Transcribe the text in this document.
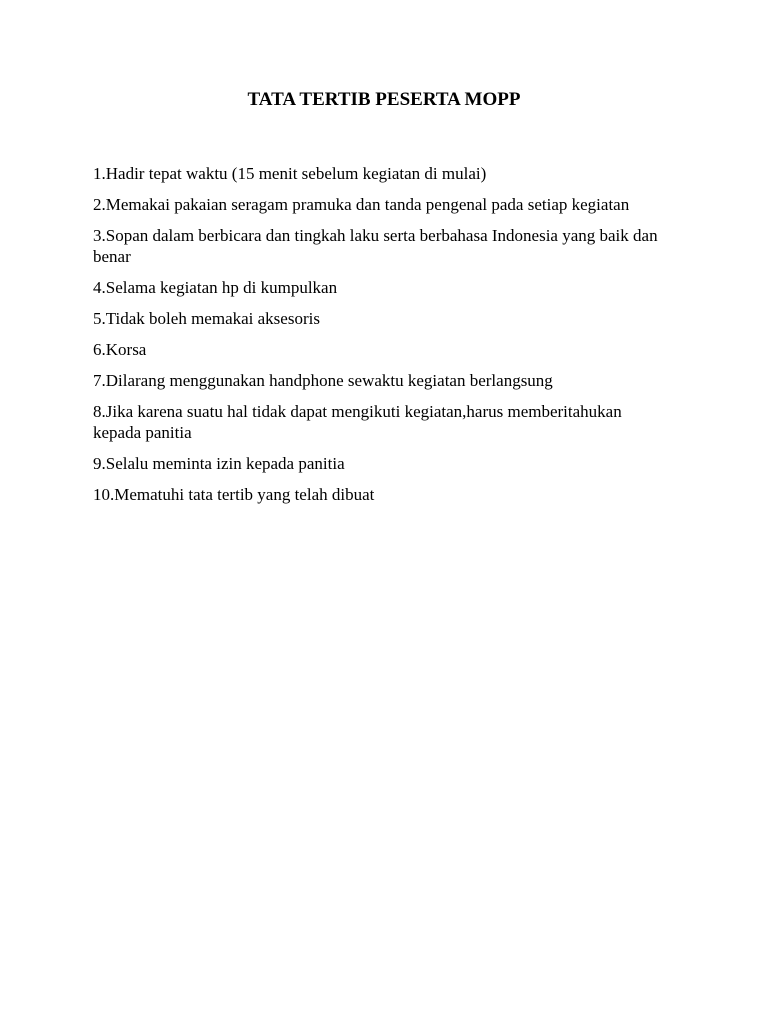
TATA TERTIB PESERTA MOPP
1.Hadir tepat waktu (15 menit sebelum kegiatan di mulai)
2.Memakai pakaian seragam pramuka dan tanda pengenal pada setiap kegiatan
3.Sopan dalam berbicara dan tingkah laku serta berbahasa Indonesia yang baik dan benar
4.Selama kegiatan hp di kumpulkan
5.Tidak boleh memakai aksesoris
6.Korsa
7.Dilarang menggunakan handphone sewaktu kegiatan berlangsung
8.Jika karena suatu hal tidak dapat mengikuti kegiatan,harus memberitahukan kepada panitia
9.Selalu meminta izin kepada panitia
10.Mematuhi tata tertib yang telah dibuat
